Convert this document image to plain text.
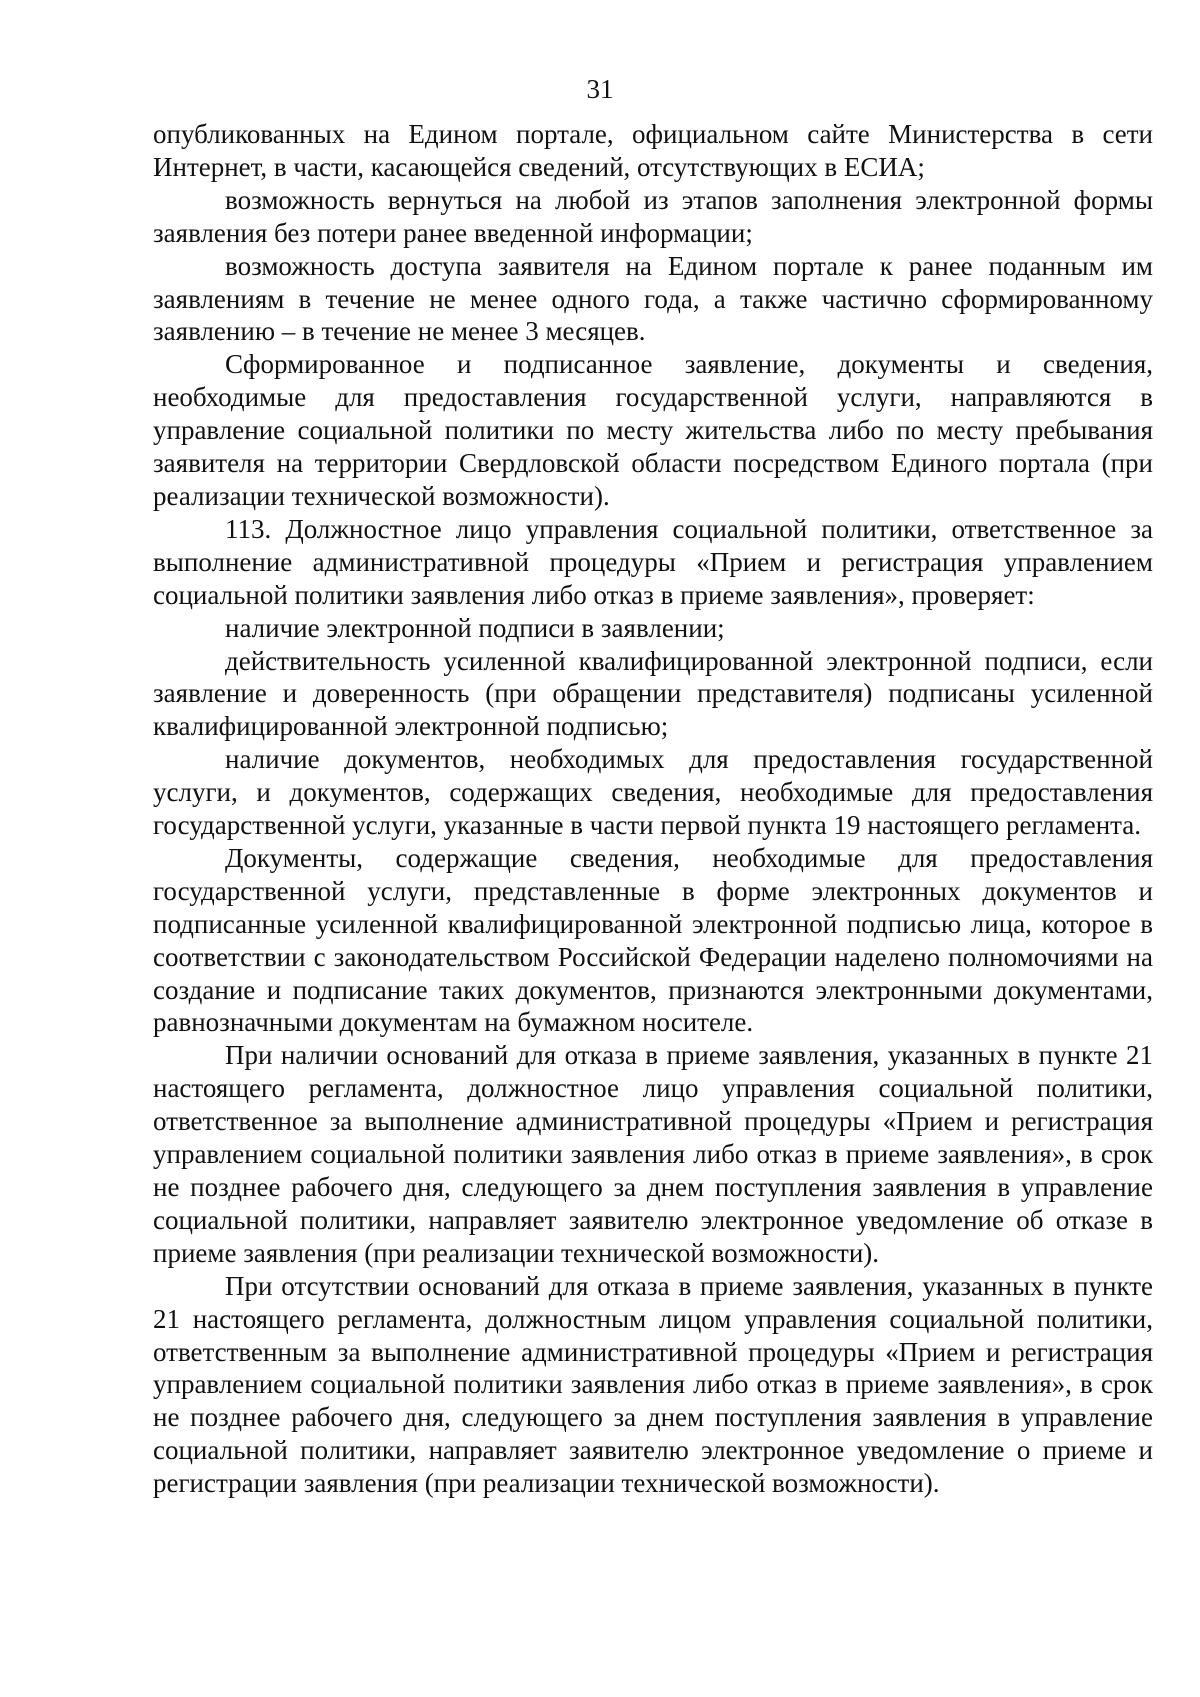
31

опубликованных на Едином портале, официальном сайте Министерства в сети Интернет, в части, касающейся сведений, отсутствующих в ЕСИА;

возможность вернуться на любой из этапов заполнения электронной формы заявления без потери ранее введенной информации;

возможность доступа заявителя на Едином портале к ранее поданным им заявлениям в течение не менее одного года, а также частично сформированному заявлению – в течение не менее 3 месяцев.

Сформированное и подписанное заявление, документы и сведения, необходимые для предоставления государственной услуги, направляются в управление социальной политики по месту жительства либо по месту пребывания заявителя на территории Свердловской области посредством Единого портала (при реализации технической возможности).

113. Должностное лицо управления социальной политики, ответственное за выполнение административной процедуры «Прием и регистрация управлением социальной политики заявления либо отказ в приеме заявления», проверяет:

наличие электронной подписи в заявлении;

действительность усиленной квалифицированной электронной подписи, если заявление и доверенность (при обращении представителя) подписаны усиленной квалифицированной электронной подписью;

наличие документов, необходимых для предоставления государственной услуги, и документов, содержащих сведения, необходимые для предоставления государственной услуги, указанные в части первой пункта 19 настоящего регламента.

Документы, содержащие сведения, необходимые для предоставления государственной услуги, представленные в форме электронных документов и подписанные усиленной квалифицированной электронной подписью лица, которое в соответствии с законодательством Российской Федерации наделено полномочиями на создание и подписание таких документов, признаются электронными документами, равнозначными документам на бумажном носителе.

При наличии оснований для отказа в приеме заявления, указанных в пункте 21 настоящего регламента, должностное лицо управления социальной политики, ответственное за выполнение административной процедуры «Прием и регистрация управлением социальной политики заявления либо отказ в приеме заявления», в срок не позднее рабочего дня, следующего за днем поступления заявления в управление социальной политики, направляет заявителю электронное уведомление об отказе в приеме заявления (при реализации технической возможности).

При отсутствии оснований для отказа в приеме заявления, указанных в пункте 21 настоящего регламента, должностным лицом управления социальной политики, ответственным за выполнение административной процедуры «Прием и регистрация управлением социальной политики заявления либо отказ в приеме заявления», в срок не позднее рабочего дня, следующего за днем поступления заявления в управление социальной политики, направляет заявителю электронное уведомление о приеме и регистрации заявления (при реализации технической возможности).
